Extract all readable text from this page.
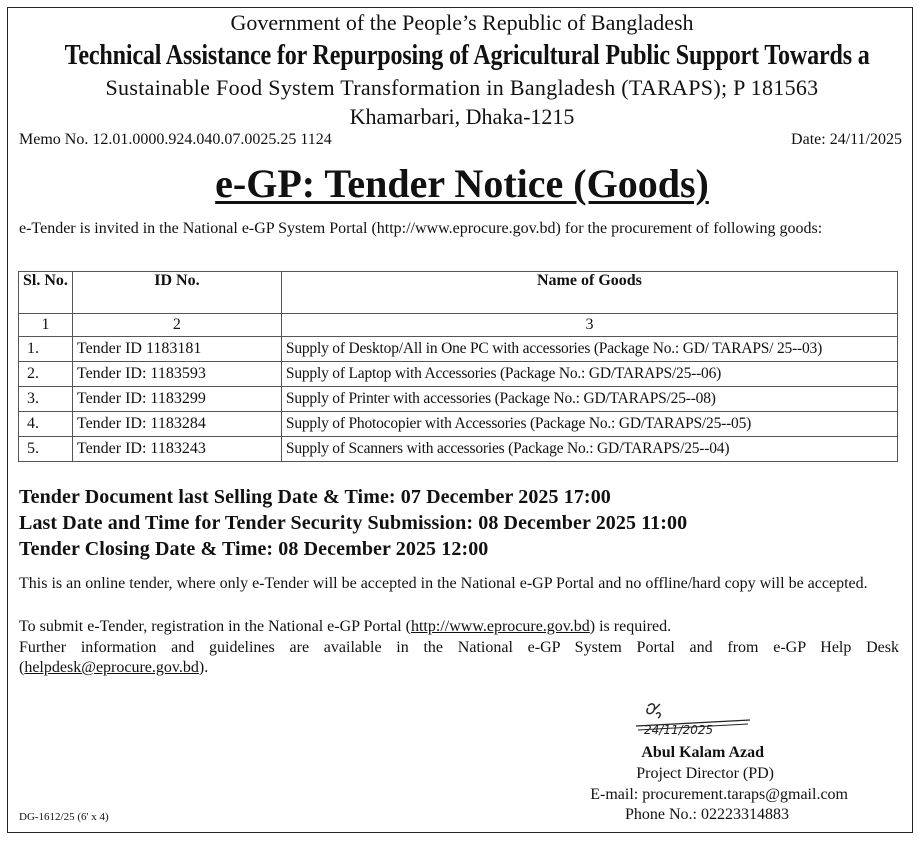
Government of the People’s Republic of Bangladesh
Technical Assistance for Repurposing of Agricultural Public Support Towards a
Sustainable Food System Transformation in Bangladesh (TARAPS); P 181563
Khamarbari, Dhaka-1215
Memo No. 12.01.0000.924.040.07.0025.25 1124	Date: 24/11/2025
e-GP: Tender Notice (Goods)
e-Tender is invited in the National e-GP System Portal (http://www.eprocure.gov.bd) for the procurement of following goods:
Sl. No.	ID No.	Name of Goods
1	2	3
1.	Tender ID 1183181	Supply of Desktop/All in One PC with accessories (Package No.: GD/ TARAPS/ 25--03)
2.	Tender ID: 1183593	Supply of Laptop with Accessories (Package No.: GD/TARAPS/25--06)
3.	Tender ID: 1183299	Supply of Printer with accessories (Package No.: GD/TARAPS/25--08)
4.	Tender ID: 1183284	Supply of Photocopier with Accessories (Package No.: GD/TARAPS/25--05)
5.	Tender ID: 1183243	Supply of Scanners with accessories (Package No.: GD/TARAPS/25--04)
Tender Document last Selling Date & Time: 07 December 2025 17:00
Last Date and Time for Tender Security Submission: 08 December 2025 11:00
Tender Closing Date & Time: 08 December 2025 12:00
This is an online tender, where only e-Tender will be accepted in the National e-GP Portal and no offline/hard copy will be accepted.
To submit e-Tender, registration in the National e-GP Portal (http://www.eprocure.gov.bd) is required.
Further information and guidelines are available in the National e-GP System Portal and from e-GP Help Desk (helpdesk@eprocure.gov.bd).
24/11/2025
Abul Kalam Azad
Project Director (PD)
E-mail: procurement.taraps@gmail.com
Phone No.: 02223314883
DG-1612/25 (6' x 4)
